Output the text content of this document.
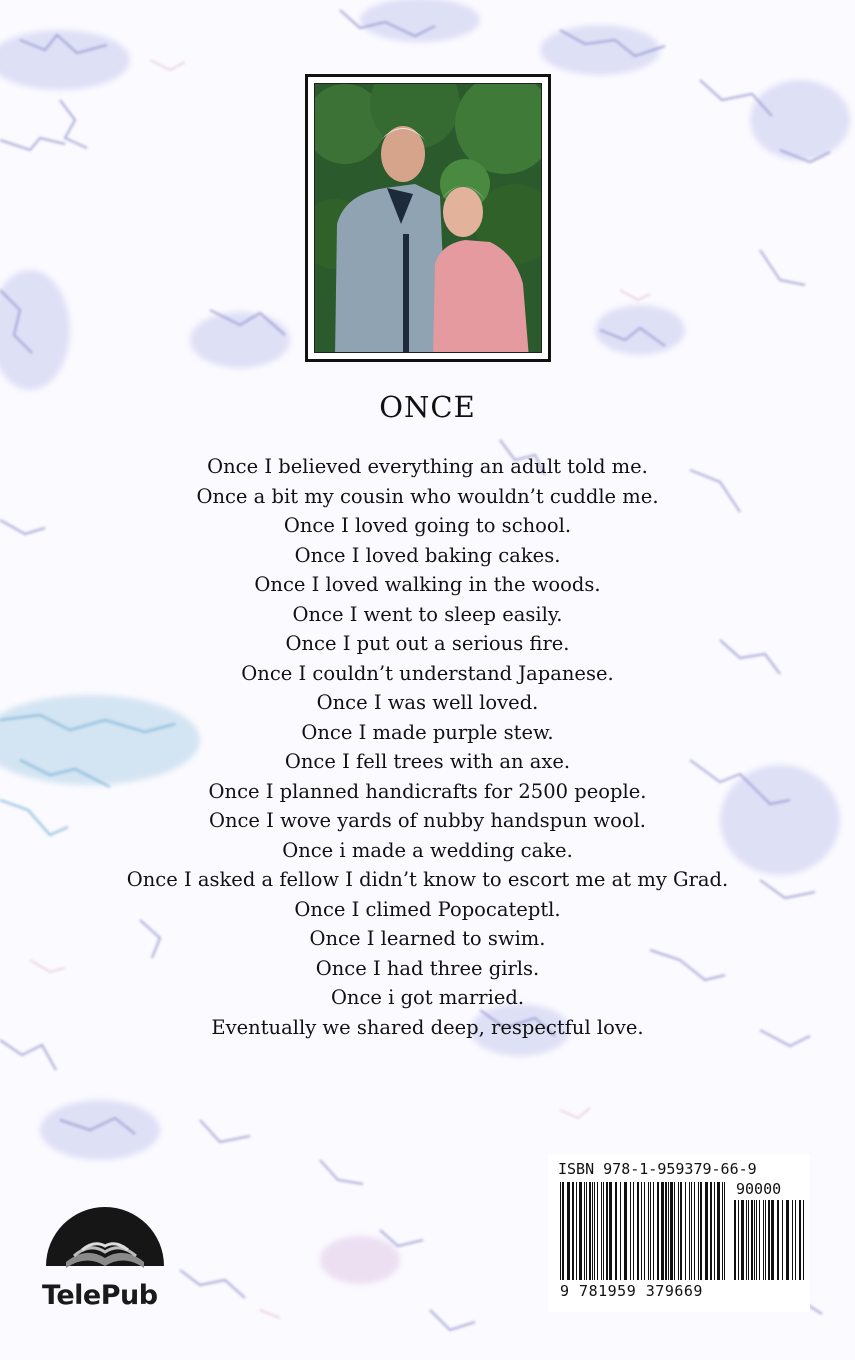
ONCE
Once I believed everything an adult told me.
Once a bit my cousin who wouldn’t cuddle me.
Once I loved going to school.
Once I loved baking cakes.
Once I loved walking in the woods.
Once I went to sleep easily.
Once I put out a serious fire.
Once I couldn’t understand Japanese.
Once I was well loved.
Once I made purple stew.
Once I fell trees with an axe.
Once I planned handicrafts for 2500 people.
Once I wove yards of nubby handspun wool.
Once i made a wedding cake.
Once I asked a fellow I didn’t know to escort me at my Grad.
Once I climed Popocateptl.
Once I learned to swim.
Once I had three girls.
Once i got married.
Eventually we shared deep, respectful love.
TelePub
ISBN 978-1-959379-66-9
90000
9 781959 379669
